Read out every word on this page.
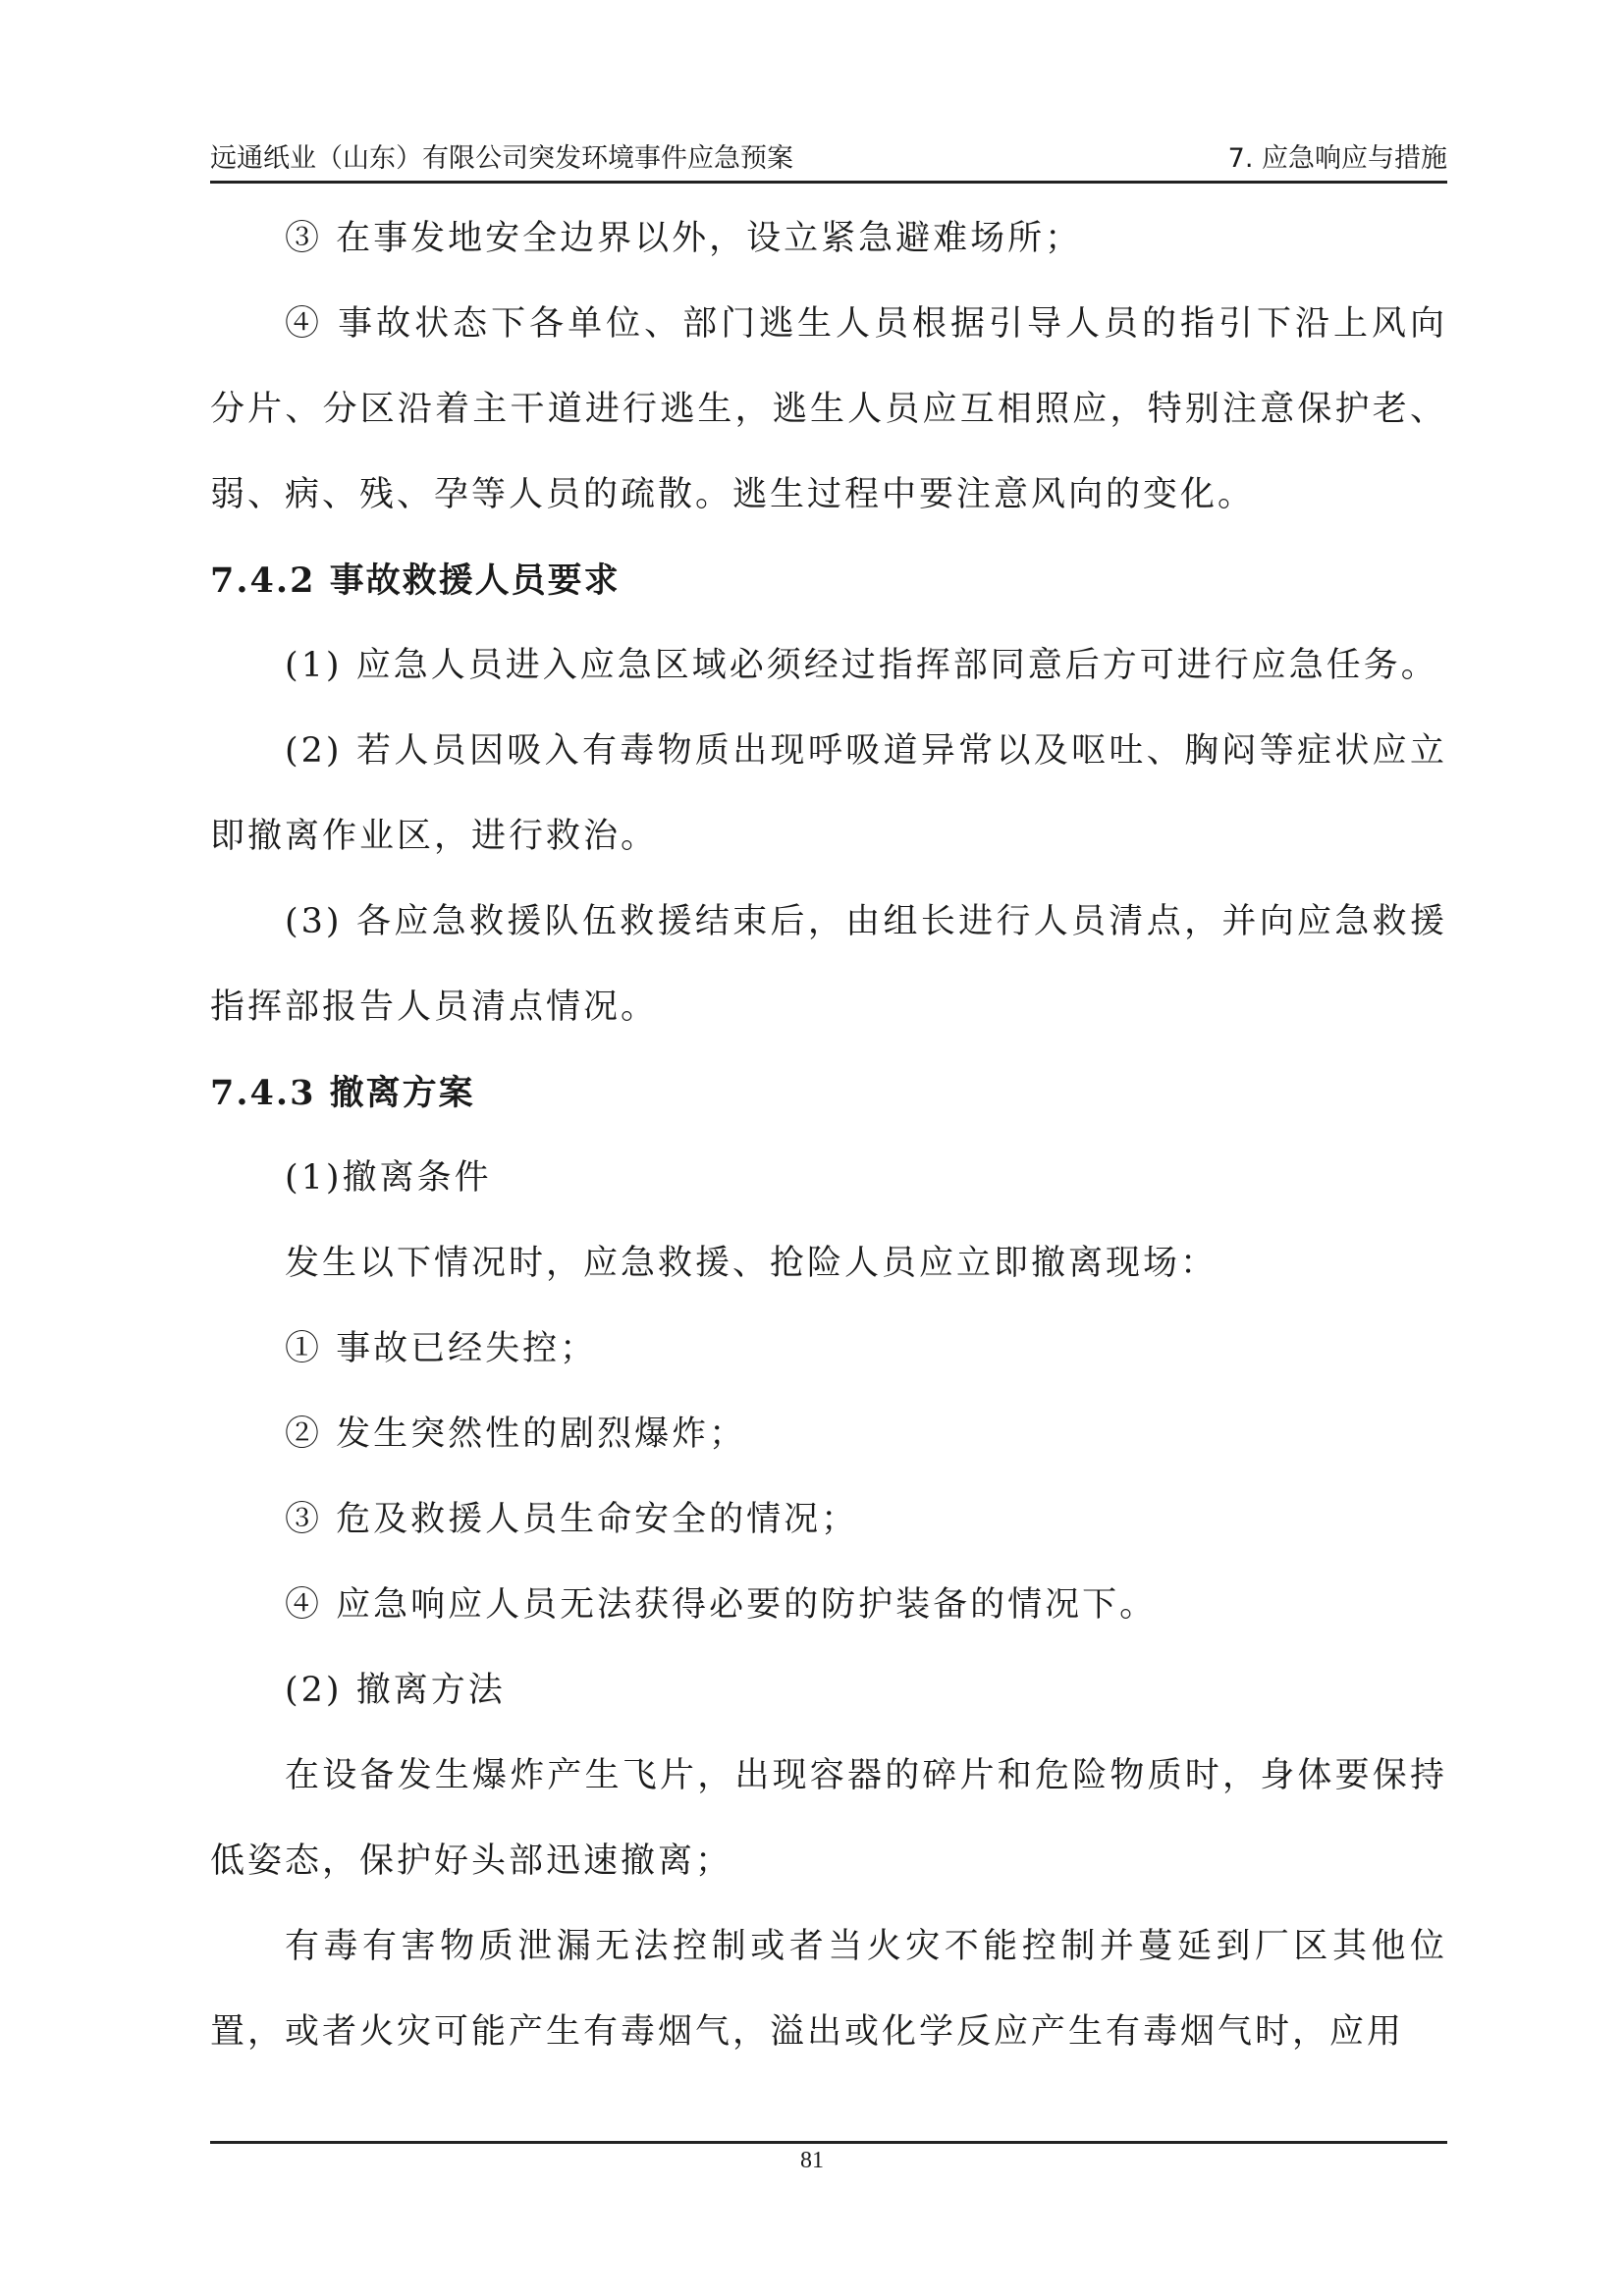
远通纸业（山东）有限公司突发环境事件应急预案	7. 应急响应与措施

③ 在事发地安全边界以外，设立紧急避难场所；

④ 事故状态下各单位、部门逃生人员根据引导人员的指引下沿上风向分片、分区沿着主干道进行逃生，逃生人员应互相照应，特别注意保护老、弱、病、残、孕等人员的疏散。逃生过程中要注意风向的变化。

7.4.2 事故救援人员要求

(1) 应急人员进入应急区域必须经过指挥部同意后方可进行应急任务。

(2) 若人员因吸入有毒物质出现呼吸道异常以及呕吐、胸闷等症状应立即撤离作业区，进行救治。

(3) 各应急救援队伍救援结束后，由组长进行人员清点，并向应急救援指挥部报告人员清点情况。

7.4.3 撤离方案

(1)撤离条件

发生以下情况时，应急救援、抢险人员应立即撤离现场：

① 事故已经失控；

② 发生突然性的剧烈爆炸；

③ 危及救援人员生命安全的情况；

④ 应急响应人员无法获得必要的防护装备的情况下。

(2) 撤离方法

在设备发生爆炸产生飞片，出现容器的碎片和危险物质时，身体要保持低姿态，保护好头部迅速撤离；

有毒有害物质泄漏无法控制或者当火灾不能控制并蔓延到厂区其他位置，或者火灾可能产生有毒烟气，溢出或化学反应产生有毒烟气时，应用

81
